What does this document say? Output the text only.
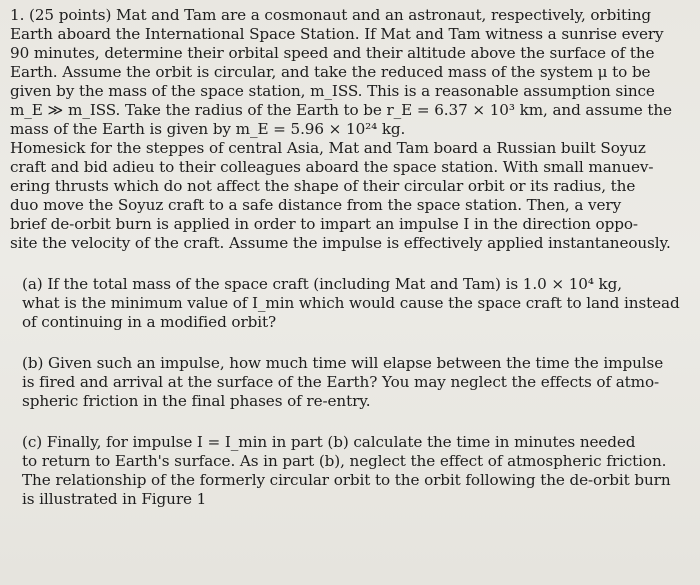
1. (25 points) Mat and Tam are a cosmonaut and an astronaut, respectively, orbiting
Earth aboard the International Space Station. If Mat and Tam witness a sunrise every
90 minutes, determine their orbital speed and their altitude above the surface of the
Earth. Assume the orbit is circular, and take the reduced mass of the system μ to be
given by the mass of the space station, m_ISS. This is a reasonable assumption since
m_E ≫ m_ISS. Take the radius of the Earth to be r_E = 6.37 × 10³ km, and assume the
mass of the Earth is given by m_E = 5.96 × 10²⁴ kg.
Homesick for the steppes of central Asia, Mat and Tam board a Russian built Soyuz
craft and bid adieu to their colleagues aboard the space station. With small manuev-
ering thrusts which do not affect the shape of their circular orbit or its radius, the
duo move the Soyuz craft to a safe distance from the space station. Then, a very
brief de-orbit burn is applied in order to impart an impulse I in the direction oppo-
site the velocity of the craft. Assume the impulse is effectively applied instantaneously.
(a) If the total mass of the space craft (including Mat and Tam) is 1.0 × 10⁴ kg,
what is the minimum value of I_min which would cause the space craft to land instead
of continuing in a modified orbit?
(b) Given such an impulse, how much time will elapse between the time the impulse
is fired and arrival at the surface of the Earth? You may neglect the effects of atmo-
spheric friction in the final phases of re-entry.
(c) Finally, for impulse I = I_min in part (b) calculate the time in minutes needed
to return to Earth's surface. As in part (b), neglect the effect of atmospheric friction.
The relationship of the formerly circular orbit to the orbit following the de-orbit burn
is illustrated in Figure 1
